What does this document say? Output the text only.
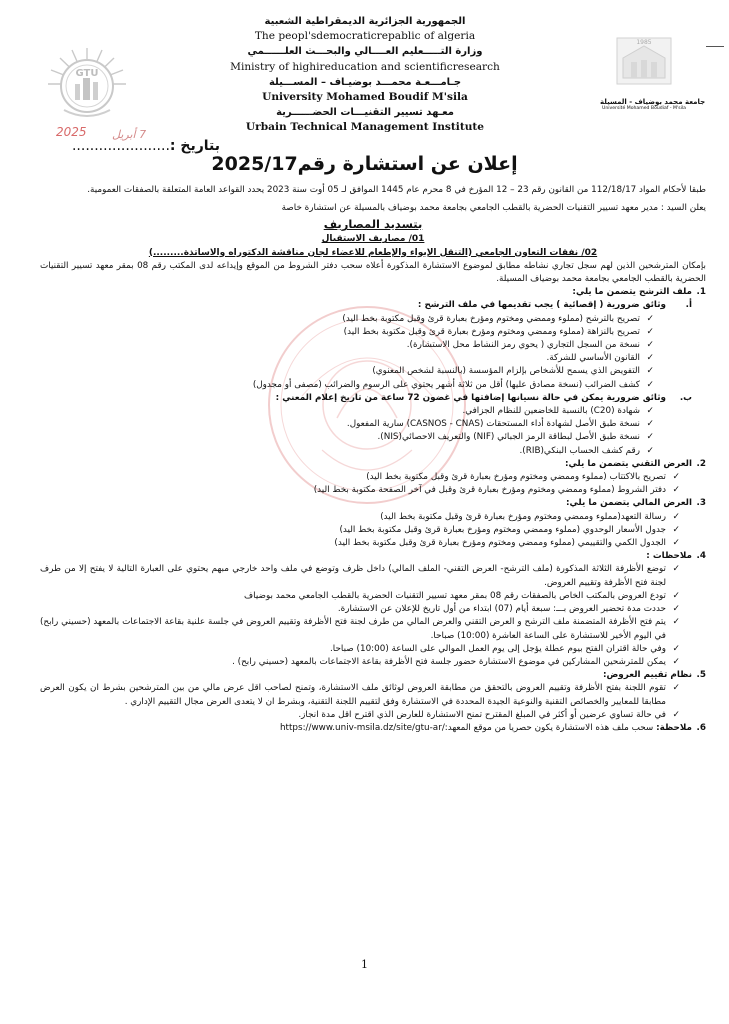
GTU
الجمهورية الجزائرية الديمقراطية الشعبية
The peopl'sdemocraticrepablic of algeria
وزارة التـــــعليم العــــالي والبحـــث العلــــــمي
Ministry of highireducation and scientificresearch
جـامـــعـة محمـــد بوضيـاف – المســـيلة
University Mohamed Boudif M'sila
معـهد تسيير التقنيـــات الحضــــــرية
Urbain Technical Management Institute
1985
جامعة محمد بوضياف - المسيلة
Université Mohamed Boudiaf - M'sila
2025 7 أبريل
بتاريخ :......................
إعلان عن استشارة رقم2025/17

طبقا لأحكام المواد 112/18/17 من القانون رقم 23 – 12 المؤرخ في 8 محرم عام 1445 الموافق لـ 05 أوت سنة 2023 يحدد القواعد العامة المتعلقة بالصفقات العمومية.

يعلن السيد : مدير معهد تسيير التقنيات الحضرية بالقطب الجامعي بجامعة محمد بوضياف بالمسيلة عن استشارة خاصة

بتسديد المصاريف

01/ مصاريف الاستقبال

02/ نفقات التعاون الجامعي (التنقل الإيواء والإطعام للاعضاء لجان مناقشة الدكتوراه والاساتذة.........)

بإمكان المترشحين الذين لهم سجل تجاري نشاطه مطابق لموضوع الاستشارة المذكورة أعلاه سحب دفتر الشروط من الموقع وإيداعه لدى المكتب رقم 08 بمقر معهد تسيير التقنيات الحضرية بالقطب الجامعي بجامعة محمد بوضياف المسيلة.

1.ملف الترشح يتضمن ما يلي:

أ.وثائق ضرورية ( إقصائية ) يجب تقديمها في ملف الترشح :

✓ تصريح بالترشح (مملوء وممضي ومختوم ومؤرخ بعبارة قرئ وقبل مكتوبة بخط اليد)
✓ تصريح بالنزاهة (مملوء وممضي ومختوم ومؤرخ بعبارة قرئ وقبل مكتوبة بخط اليد)
✓ نسخة من السجل التجاري ( يحوي رمز النشاط محل الاستشارة).
✓ القانون الأساسي للشركة.
✓ التفويض الذي يسمح للأشخاص بإلزام المؤسسة (بالنسبة لشخص المعنوي)
✓ كشف الضرائب (نسخة مصادق عليها) أقل من ثلاثة أشهر يحتوي على الرسوم والضرائب (مصفى أو مجدول)

ب.وثائق ضرورية يمكن في حالة نسيانها إضافتها في غضون 72 ساعة من تاريخ إعلام المعني :

✓ شهادة (C20) بالنسبة للخاضعين للنظام الجزافي.
✓ نسخة طبق الأصل لشهادة أداء المستحقات (CASNOS - CNAS) سارية المفعول.
✓ نسخة طبق الأصل لبطاقة الرمز الجبائي (NIF) والتعريف الاحصائي(NIS).
✓ رقم كشف الحساب البنكي(RIB).

2.العرض التقني يتضمن ما يلي:

✓ تصريح بالاكتتاب (مملوء وممضي ومختوم ومؤرخ بعبارة قرئ وقبل مكتوبة بخط اليد)
✓ دفتر الشروط (مملوء وممضي ومختوم ومؤرخ بعبارة قرئ وقبل في آخر الصفحة مكتوبة بخط اليد)

3.العرض المالي يتضمن ما يلي:

✓ رسالة التعهد(مملوء وممضي ومختوم ومؤرخ بعبارة قرئ وقبل مكتوبة بخط اليد)
✓ جدول الأسعار الوحدوي (مملوء وممضي ومختوم ومؤرخ بعبارة قرئ وقبل مكتوبة بخط اليد)
✓ الجدول الكمي والتقييمي (مملوء وممضي ومختوم ومؤرخ بعبارة قرئ وقبل مكتوبة بخط اليد)

4.ملاحظات :

✓ توضع الأظرفة الثلاثة المذكورة (ملف الترشح- العرض التقني- الملف المالي) داخل ظرف وتوضع في ملف واحد خارجي مبهم يحتوي على العبارة التالية لا يفتح إلا من طرف لجنة فتح الأظرفة وتقييم العروض.
✓ تودع العروض بالمكتب الخاص بالصفقات رقم 08 بمقر معهد تسيير التقنيات الحضرية بالقطب الجامعي محمد بوضياف
✓ حددت مدة تحضير العروض بـــ: سبعة أيام (07) ابتداء من أول تاريخ للإعلان عن الاستشارة.
✓ يتم فتح الأظرفة المتضمنة ملف الترشح و العرض التقني والعرض المالي من طرف لجنة فتح الأظرفة وتقييم العروض في جلسة علنية بقاعة الاجتماعات بالمعهد (حسيني رابح) في اليوم الأخير للاستشارة على الساعة العاشرة (10:00) صباحا.
✓ وفي حالة اقتران الفتح بيوم عطلة يؤجل إلى يوم العمل الموالي على الساعة (10:00) صباحا.
✓ يمكن للمترشحين المشاركين في موضوع الاستشارة حضور جلسة فتح الأظرفة بقاعة الاجتماعات بالمعهد (حسيني رابح) .

5.نظام تقييم العروض:

✓ تقوم اللجنة بفتح الأظرفة وتقييم العروض بالتحقق من مطابقة العروض لوثائق ملف الاستشارة، وتمنح لصاحب اقل عرض مالي من بين المترشحين بشرط ان يكون العرض مطابقا للمعايير والخصائص التقنية والنوعية الجيدة المحددة في الاستشارة وفق لتقييم اللجنة التقنية، وبشرط ان لا يتعدى العرض مجال التقييم الإداري .
✓ في حالة تساوي عرضين أو أكثر في المبلغ المقترح تمنح الاستشارة للعارض الذي اقترح اقل مدة انجاز.

6.ملاحظة: سحب ملف هذه الاستشارة يكون حصريا من موقع المعهد:https://www.univ-msila.dz/site/gtu-ar/

1
